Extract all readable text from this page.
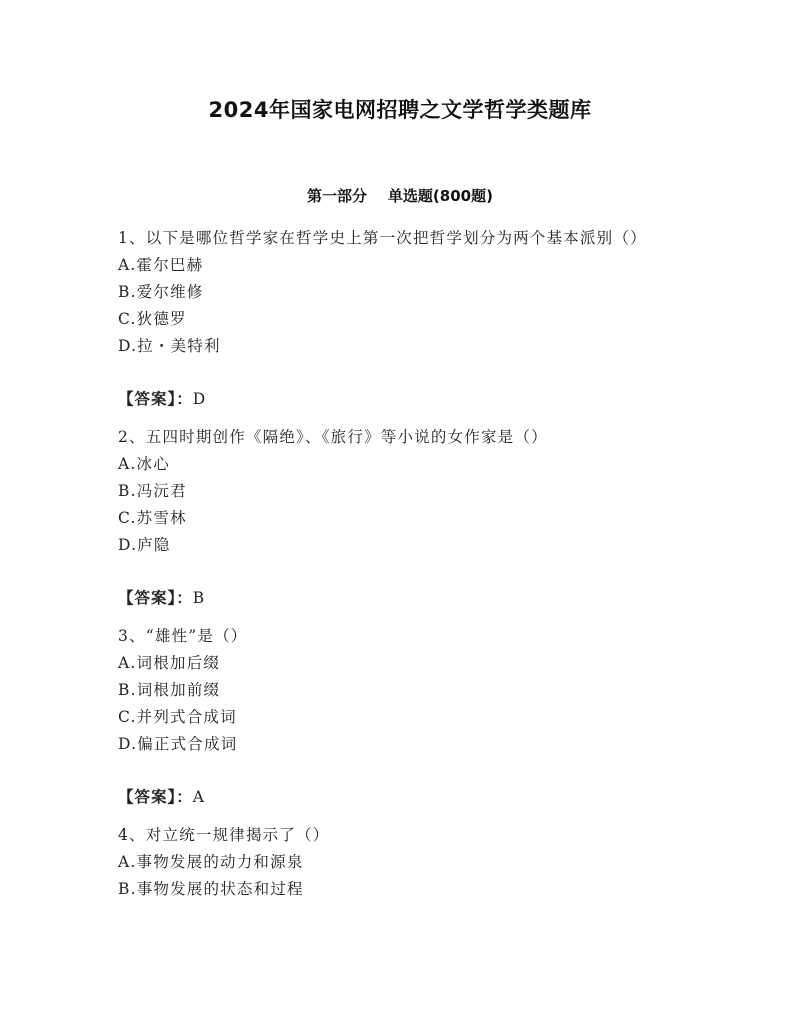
2024年国家电网招聘之文学哲学类题库
第一部分    单选题(800题)

1、以下是哪位哲学家在哲学史上第一次把哲学划分为两个基本派别（）

A.霍尔巴赫

B.爱尔维修

C.狄德罗

D.拉・美特利

【答案】：D

2、五四时期创作《隔绝》、《旅行》等小说的女作家是（）

A.冰心

B.冯沅君

C.苏雪林

D.庐隐

【答案】：B

3、“雄性”是（）

A.词根加后缀

B.词根加前缀

C.并列式合成词

D.偏正式合成词

【答案】：A

4、对立统一规律揭示了（）

A.事物发展的动力和源泉

B.事物发展的状态和过程
